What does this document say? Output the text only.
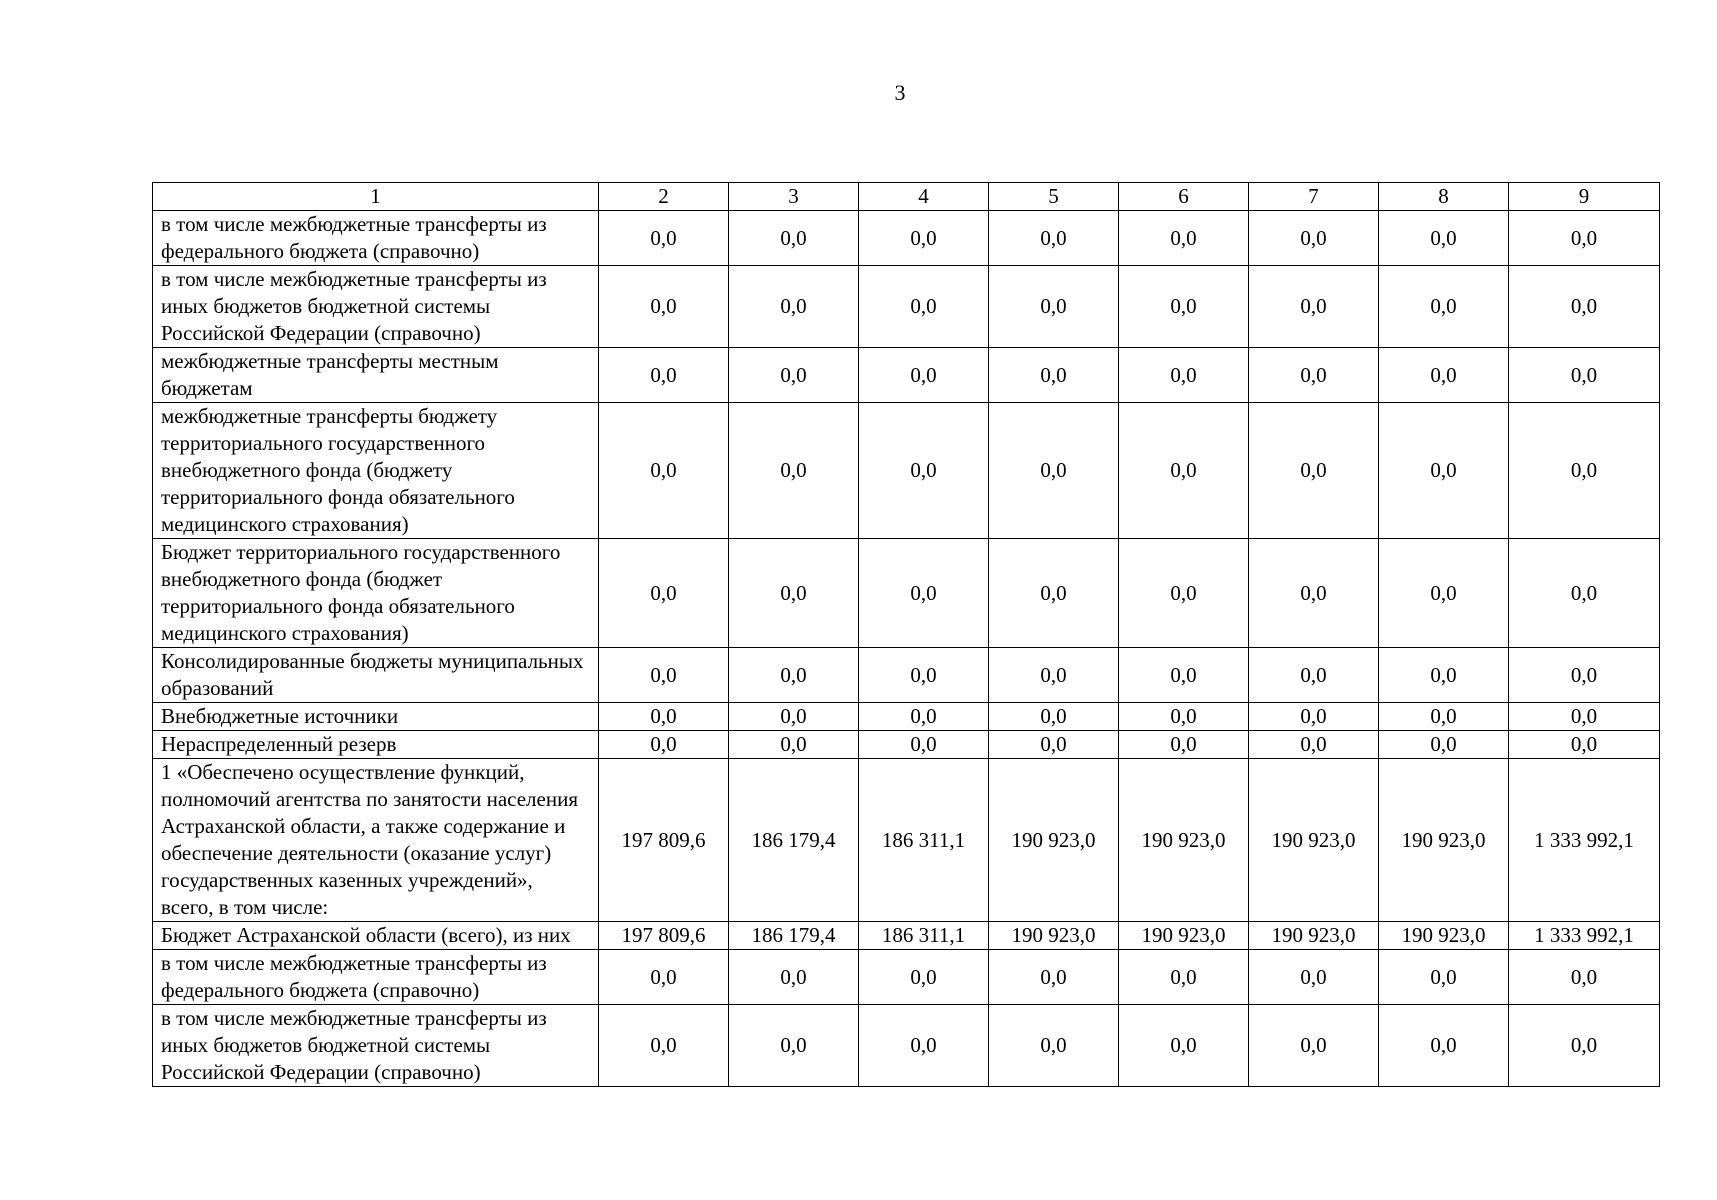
3
1	2	3	4	5	6	7	8	9
в том числе межбюджетные трансферты из федерального бюджета (справочно)	0,0	0,0	0,0	0,0	0,0	0,0	0,0	0,0
в том числе межбюджетные трансферты из иных бюджетов бюджетной системы Российской Федерации (справочно)	0,0	0,0	0,0	0,0	0,0	0,0	0,0	0,0
межбюджетные трансферты местным бюджетам	0,0	0,0	0,0	0,0	0,0	0,0	0,0	0,0
межбюджетные трансферты бюджету территориального государственного внебюджетного фонда (бюджету территориального фонда обязательного медицинского страхования)	0,0	0,0	0,0	0,0	0,0	0,0	0,0	0,0
Бюджет территориального государственного внебюджетного фонда (бюджет территориального фонда обязательного медицинского страхования)	0,0	0,0	0,0	0,0	0,0	0,0	0,0	0,0
Консолидированные бюджеты муниципальных образований	0,0	0,0	0,0	0,0	0,0	0,0	0,0	0,0
Внебюджетные источники	0,0	0,0	0,0	0,0	0,0	0,0	0,0	0,0
Нераспределенный резерв	0,0	0,0	0,0	0,0	0,0	0,0	0,0	0,0
1 «Обеспечено осуществление функций, полномочий агентства по занятости населения Астраханской области, а также содержание и обеспечение деятельности (оказание услуг) государственных казенных учреждений», всего, в том числе:	197 809,6	186 179,4	186 311,1	190 923,0	190 923,0	190 923,0	190 923,0	1 333 992,1
Бюджет Астраханской области (всего), из них	197 809,6	186 179,4	186 311,1	190 923,0	190 923,0	190 923,0	190 923,0	1 333 992,1
в том числе межбюджетные трансферты из федерального бюджета (справочно)	0,0	0,0	0,0	0,0	0,0	0,0	0,0	0,0
в том числе межбюджетные трансферты из иных бюджетов бюджетной системы Российской Федерации (справочно)	0,0	0,0	0,0	0,0	0,0	0,0	0,0	0,0
